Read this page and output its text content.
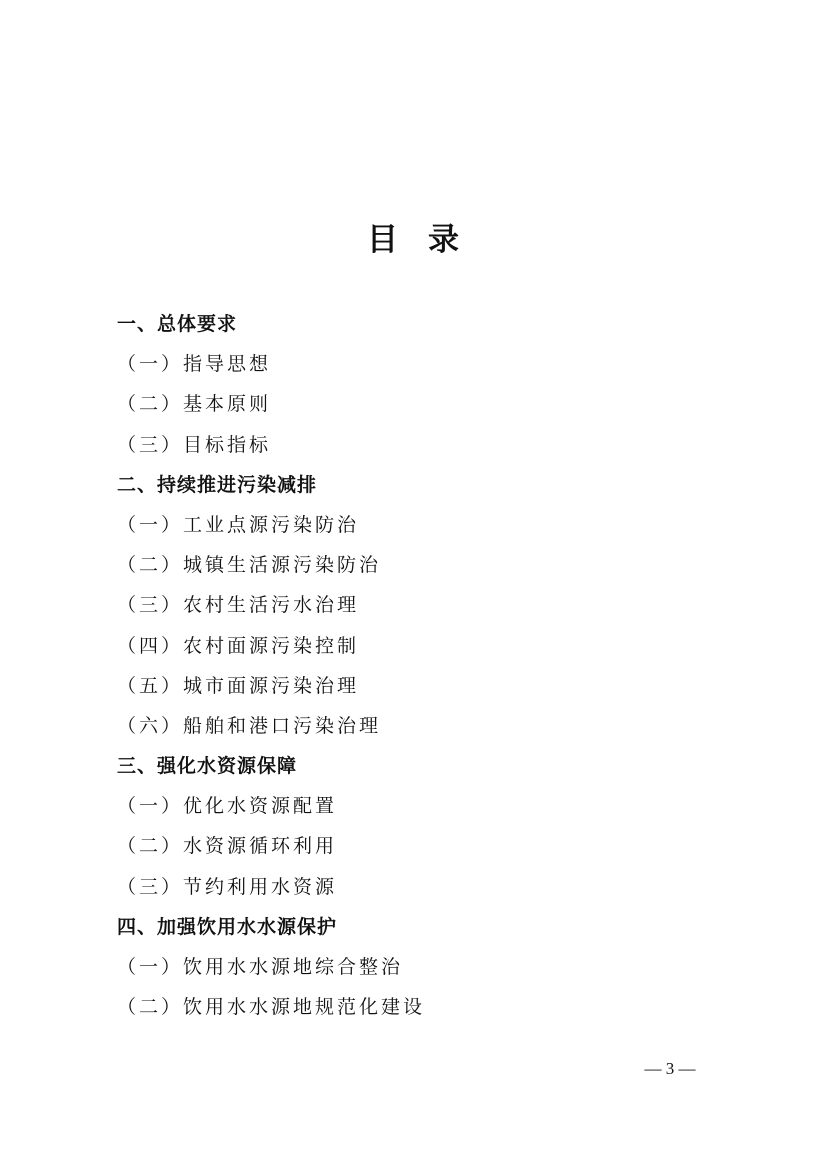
目 录
一、总体要求
（一）指导思想
（二）基本原则
（三）目标指标
二、持续推进污染减排
（一）工业点源污染防治
（二）城镇生活源污染防治
（三）农村生活污水治理
（四）农村面源污染控制
（五）城市面源污染治理
（六）船舶和港口污染治理
三、强化水资源保障
（一）优化水资源配置
（二）水资源循环利用
（三）节约利用水资源
四、加强饮用水水源保护
（一）饮用水水源地综合整治
（二）饮用水水源地规范化建设
— 3 —
